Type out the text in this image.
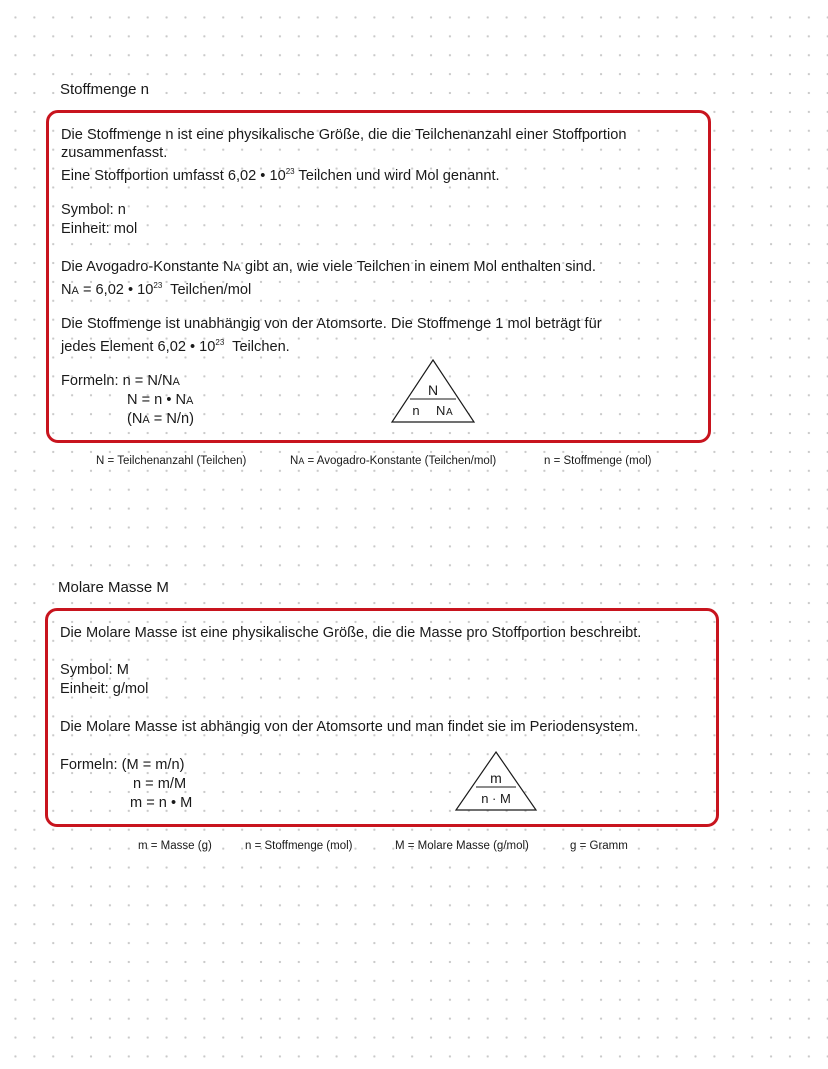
Stoffmenge n
Die Stoffmenge n ist eine physikalische Größe, die die Teilchenanzahl einer Stoffportion
zusammenfasst.
Eine Stoffportion umfasst 6,02 • $10^{23}$ Teilchen und wird Mol genannt.
Symbol: n
Einheit: mol
Die Avogadro-Konstante NA gibt an, wie viele Teilchen in einem Mol enthalten sind.
NA = 6,02 • $10^{23}$  Teilchen/mol
Die Stoffmenge ist unabhängig von der Atomsorte. Die Stoffmenge 1 mol beträgt für
jedes Element 6,02 • $10^{23}$  Teilchen.
Formeln: n = N/NA
N = n • NA
(NA = N/n)
N
n N A
N = Teilchenanzahl (Teilchen)	NA = Avogadro-Konstante (Teilchen/mol)	n = Stoffmenge (mol)
Molare Masse M
Die Molare Masse ist eine physikalische Größe, die die Masse pro Stoffportion beschreibt.
Symbol: M
Einheit: g/mol
Die Molare Masse ist abhängig von der Atomsorte und man findet sie im Periodensystem.
Formeln: (M = m/n)
n = m/M
m = n • M
m
n · M
m = Masse (g)	n = Stoffmenge (mol)	M = Molare Masse (g/mol)	g = Gramm
